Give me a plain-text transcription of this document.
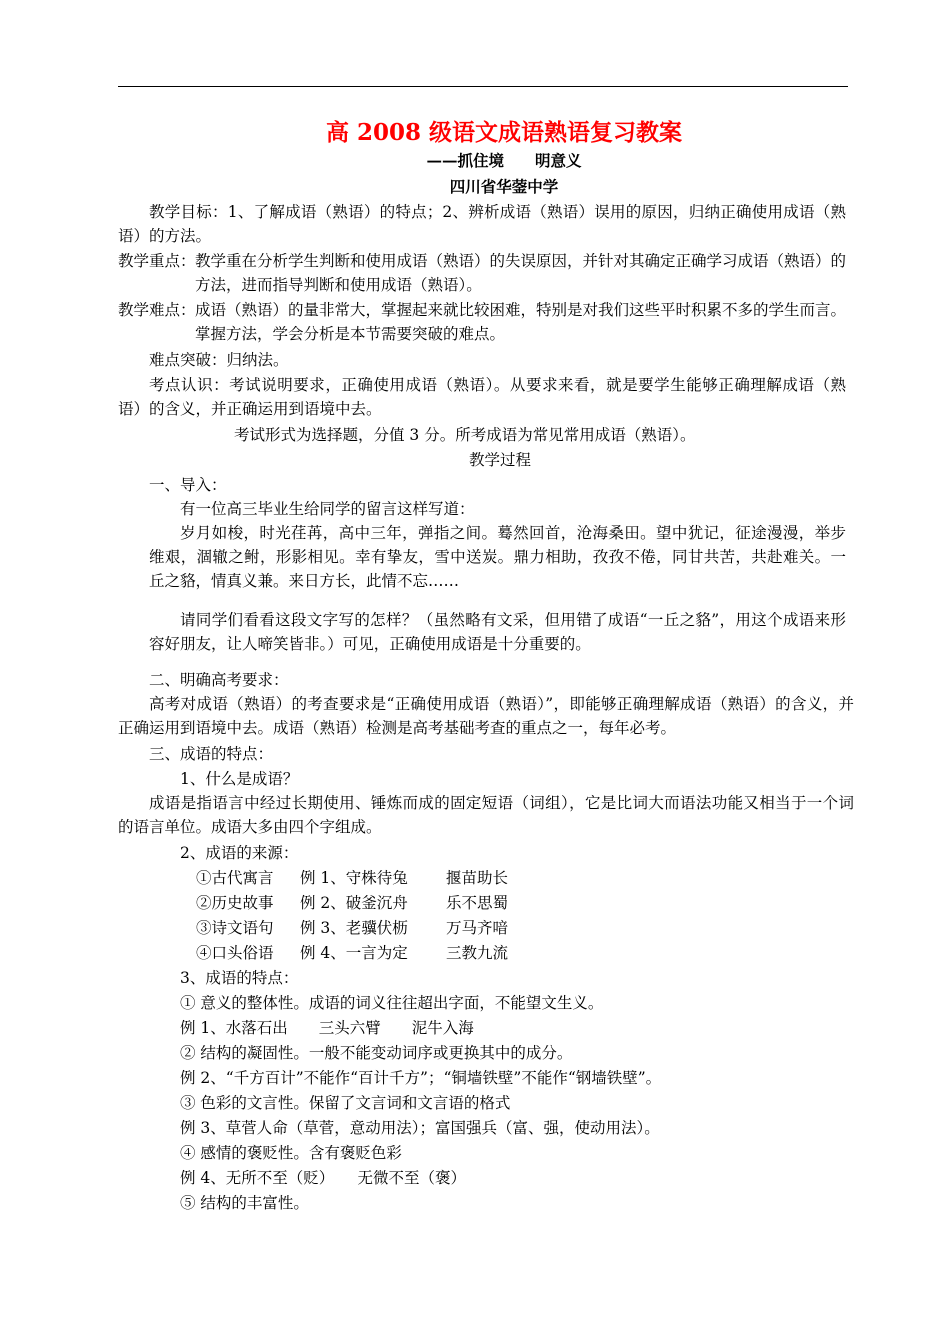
高 2008 级语文成语熟语复习教案
——抓住境　　明意义
四川省华蓥中学
教学目标：1、了解成语（熟语）的特点；2、辨析成语（熟语）误用的原因，归纳正确使用成语（熟语）的方法。
教学重点： 教学重在分析学生判断和使用成语（熟语）的失误原因，并针对其确定正确学习成语（熟语）的方法，进而指导判断和使用成语（熟语）。
教学难点： 成语（熟语）的量非常大，掌握起来就比较困难，特别是对我们这些平时积累不多的学生而言。掌握方法，学会分析是本节需要突破的难点。
难点突破：归纳法。
考点认识：考试说明要求，正确使用成语（熟语）。从要求来看，就是要学生能够正确理解成语（熟语）的含义，并正确运用到语境中去。
考试形式为选择题，分值 3 分。所考成语为常见常用成语（熟语）。
教学过程
一、导入：
有一位高三毕业生给同学的留言这样写道：
岁月如梭，时光荏苒，高中三年，弹指之间。蓦然回首，沧海桑田。望中犹记，征途漫漫，举步维艰，涸辙之鲋，形影相见。幸有挚友，雪中送炭。鼎力相助，孜孜不倦，同甘共苦，共赴难关。一丘之貉，情真义兼。来日方长，此情不忘……
请同学们看看这段文字写的怎样？（虽然略有文采，但用错了成语“一丘之貉”，用这个成语来形容好朋友，让人啼笑皆非。）可见，正确使用成语是十分重要的。
二、明确高考要求：
高考对成语（熟语）的考查要求是“正确使用成语（熟语）”，即能够正确理解成语（熟语）的含义，并正确运用到语境中去。成语（熟语）检测是高考基础考查的重点之一，每年必考。
三、成语的特点：
1、什么是成语？
成语是指语言中经过长期使用、锤炼而成的固定短语（词组），它是比词大而语法功能又相当于一个词的语言单位。成语大多由四个字组成。
2、成语的来源：
①古代寓言 例 1、守株待兔 揠苗助长
②历史故事 例 2、破釜沉舟 乐不思蜀
③诗文语句 例 3、老骥伏枥 万马齐喑
④口头俗语 例 4、一言为定 三教九流
3、成语的特点：
① 意义的整体性。成语的词义往往超出字面，不能望文生义。
例 1、水落石出　　三头六臂　　泥牛入海
② 结构的凝固性。一般不能变动词序或更换其中的成分。
例 2、“千方百计”不能作“百计千方”；“铜墙铁壁”不能作“钢墙铁壁”。
③ 色彩的文言性。保留了文言词和文言语的格式
例 3、草菅人命（草菅，意动用法）；富国强兵（富、强，使动用法）。
④ 感情的褒贬性。含有褒贬色彩
例 4、无所不至（贬）　　无微不至（褒）
⑤ 结构的丰富性。
